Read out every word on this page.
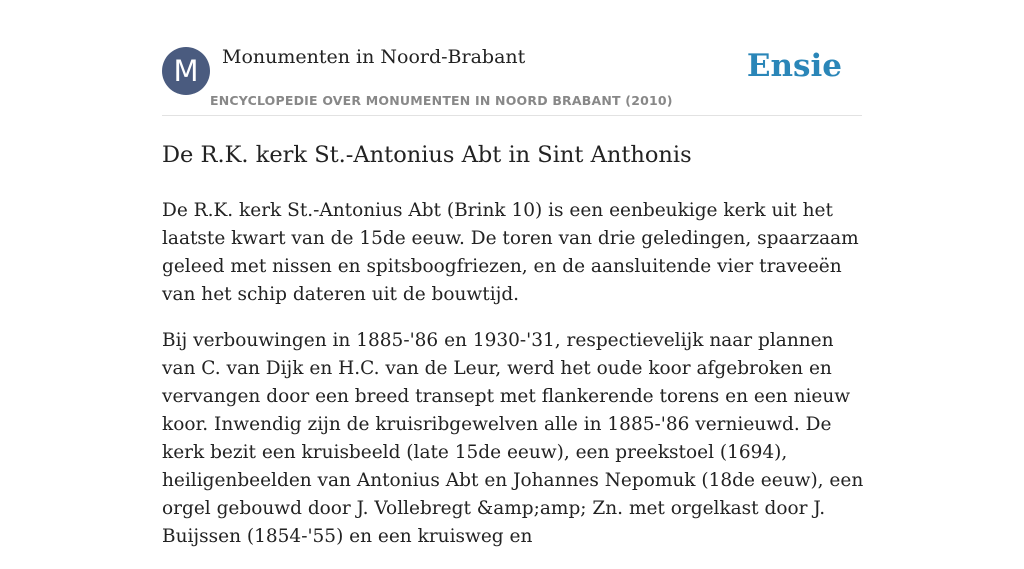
M	Monumenten in Noord-Brabant
ENCYCLOPEDIE OVER MONUMENTEN IN NOORD BRABANT (2010)
Ensie
De R.K. kerk St.-Antonius Abt in Sint Anthonis

De R.K. kerk St.-Antonius Abt (Brink 10) is een eenbeukige kerk uit het laatste kwart van de 15de eeuw. De toren van drie geledingen, spaarzaam geleed met nissen en spitsboogfriezen, en de aansluitende vier traveeën van het schip dateren uit de bouwtijd.

Bij verbouwingen in 1885-'86 en 1930-'31, respectievelijk naar plannen van C. van Dijk en H.C. van de Leur, werd het oude koor afgebroken en vervangen door een breed transept met flankerende torens en een nieuw koor. Inwendig zijn de kruisribgewelven alle in 1885-'86 vernieuwd. De kerk bezit een kruisbeeld (late 15de eeuw), een preekstoel (1694), heiligenbeelden van Antonius Abt en Johannes Nepomuk (18de eeuw), een orgel gebouwd door J. Vollebregt &amp;amp; Zn. met orgelkast door J. Buijssen (1854-'55) en een kruisweg en
